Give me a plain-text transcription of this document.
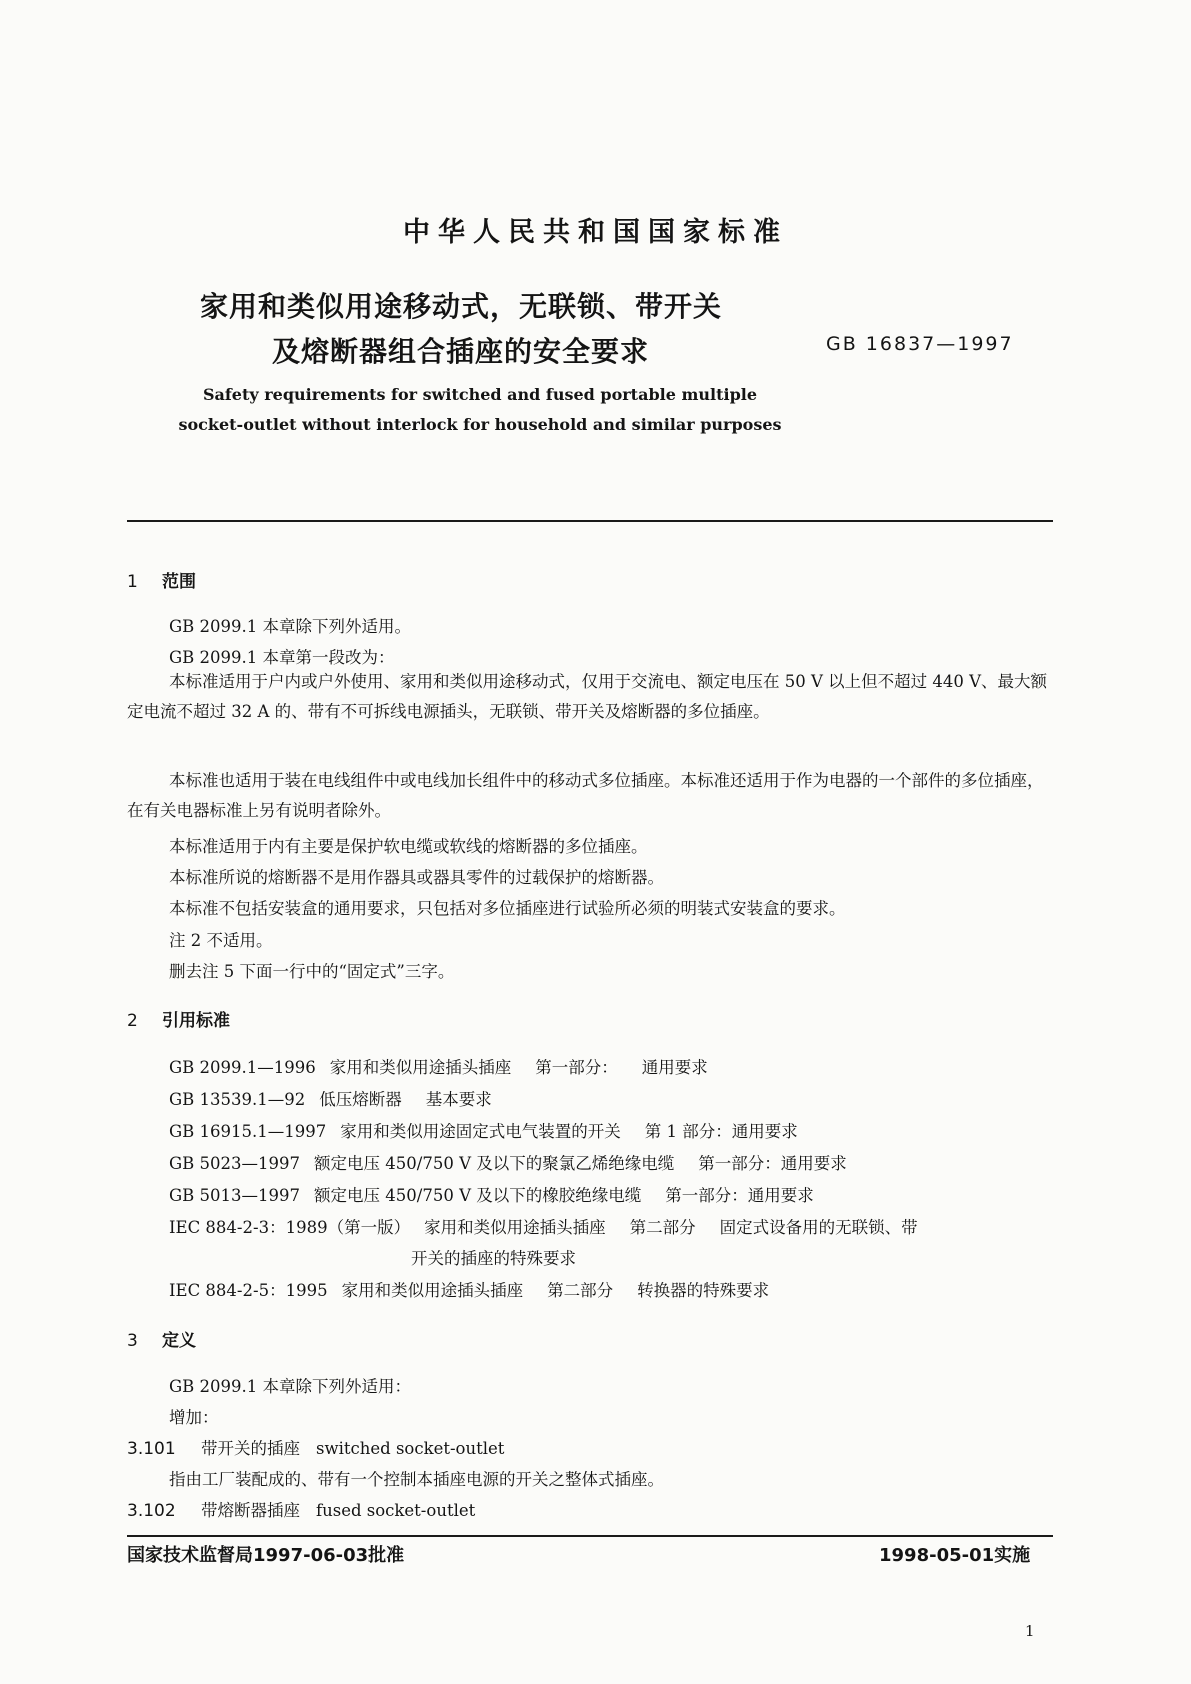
中华人民共和国国家标准
家用和类似用途移动式，无联锁、带开关
及熔断器组合插座的安全要求	GB 16837—1997
Safety requirements for switched and fused portable multiple
socket-outlet without interlock for household and similar purposes
1 范围
GB 2099.1 本章除下列外适用。
GB 2099.1 本章第一段改为：
本标准适用于户内或户外使用、家用和类似用途移动式，仅用于交流电、额定电压在 50 V 以上但不超过 440 V、最大额定电流不超过 32 A 的、带有不可拆线电源插头，无联锁、带开关及熔断器的多位插座。
本标准也适用于装在电线组件中或电线加长组件中的移动式多位插座。本标准还适用于作为电器的一个部件的多位插座，在有关电器标准上另有说明者除外。
本标准适用于内有主要是保护软电缆或软线的熔断器的多位插座。
本标准所说的熔断器不是用作器具或器具零件的过载保护的熔断器。
本标准不包括安装盒的通用要求，只包括对多位插座进行试验所必须的明装式安装盒的要求。
注 2 不适用。
删去注 5 下面一行中的“固定式”三字。
2 引用标准
GB 2099.1—1996 家用和类似用途插头插座 第一部分： 通用要求
GB 13539.1—92 低压熔断器 基本要求
GB 16915.1—1997 家用和类似用途固定式电气装置的开关 第 1 部分：通用要求
GB 5023—1997 额定电压 450/750 V 及以下的聚氯乙烯绝缘电缆 第一部分：通用要求
GB 5013—1997 额定电压 450/750 V 及以下的橡胶绝缘电缆 第一部分：通用要求
IEC 884-2-3：1989（第一版） 家用和类似用途插头插座 第二部分 固定式设备用的无联锁、带
开关的插座的特殊要求
IEC 884-2-5：1995 家用和类似用途插头插座 第二部分 转换器的特殊要求
3 定义
GB 2099.1 本章除下列外适用：
增加：
3.101 带开关的插座 switched socket-outlet
指由工厂装配成的、带有一个控制本插座电源的开关之整体式插座。
3.102 带熔断器插座 fused socket-outlet
国家技术监督局1997-06-03批准	1998-05-01实施
1
